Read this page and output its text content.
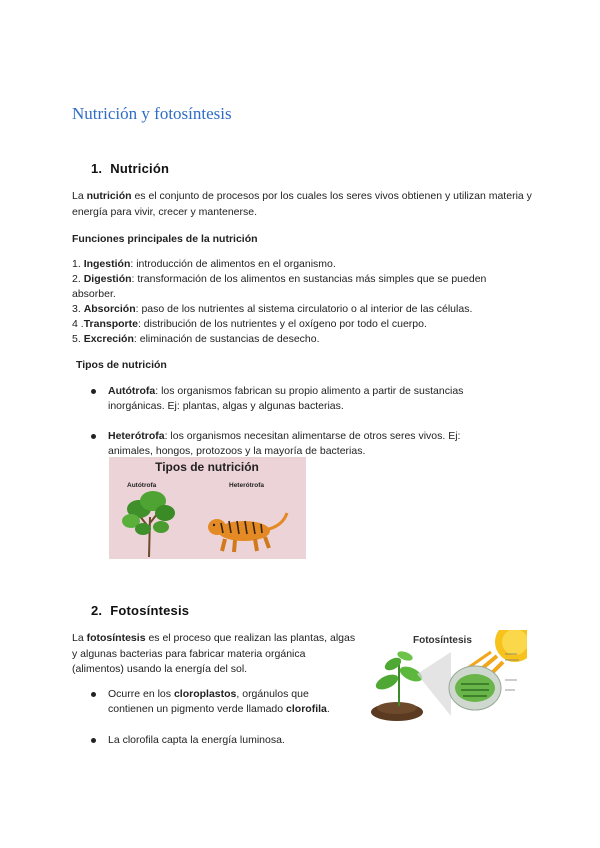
Nutrición y fotosíntesis
1. Nutrición

La nutrición es el conjunto de procesos por los cuales los seres vivos obtienen y utilizan materia y energía para vivir, crecer y mantenerse.

Funciones principales de la nutrición

1. Ingestión: introducción de alimentos en el organismo.
2. Digestión: transformación de los alimentos en sustancias más simples que se pueden absorber.
3. Absorción: paso de los nutrientes al sistema circulatorio o al interior de las células.
4 .Transporte: distribución de los nutrientes y el oxígeno por todo el cuerpo.
5. Excreción: eliminación de sustancias de desecho.

Tipos de nutrición

Autótrofa: los organismos fabrican su propio alimento a partir de sustancias inorgánicas. Ej: plantas, algas y algunas bacterias.
Heterótrofa: los organismos necesitan alimentarse de otros seres vivos. Ej: animales, hongos, protozoos y la mayoría de bacterias.
Tipos de nutrición
Autótrofa	Heterótrofa
2. Fotosíntesis

La fotosíntesis es el proceso que realizan las plantas, algas y algunas bacterias para fabricar materia orgánica (alimentos) usando la energía del sol.

Ocurre en los cloroplastos, orgánulos que contienen un pigmento verde llamado clorofila.
La clorofila capta la energía luminosa.
Fotosíntesis
